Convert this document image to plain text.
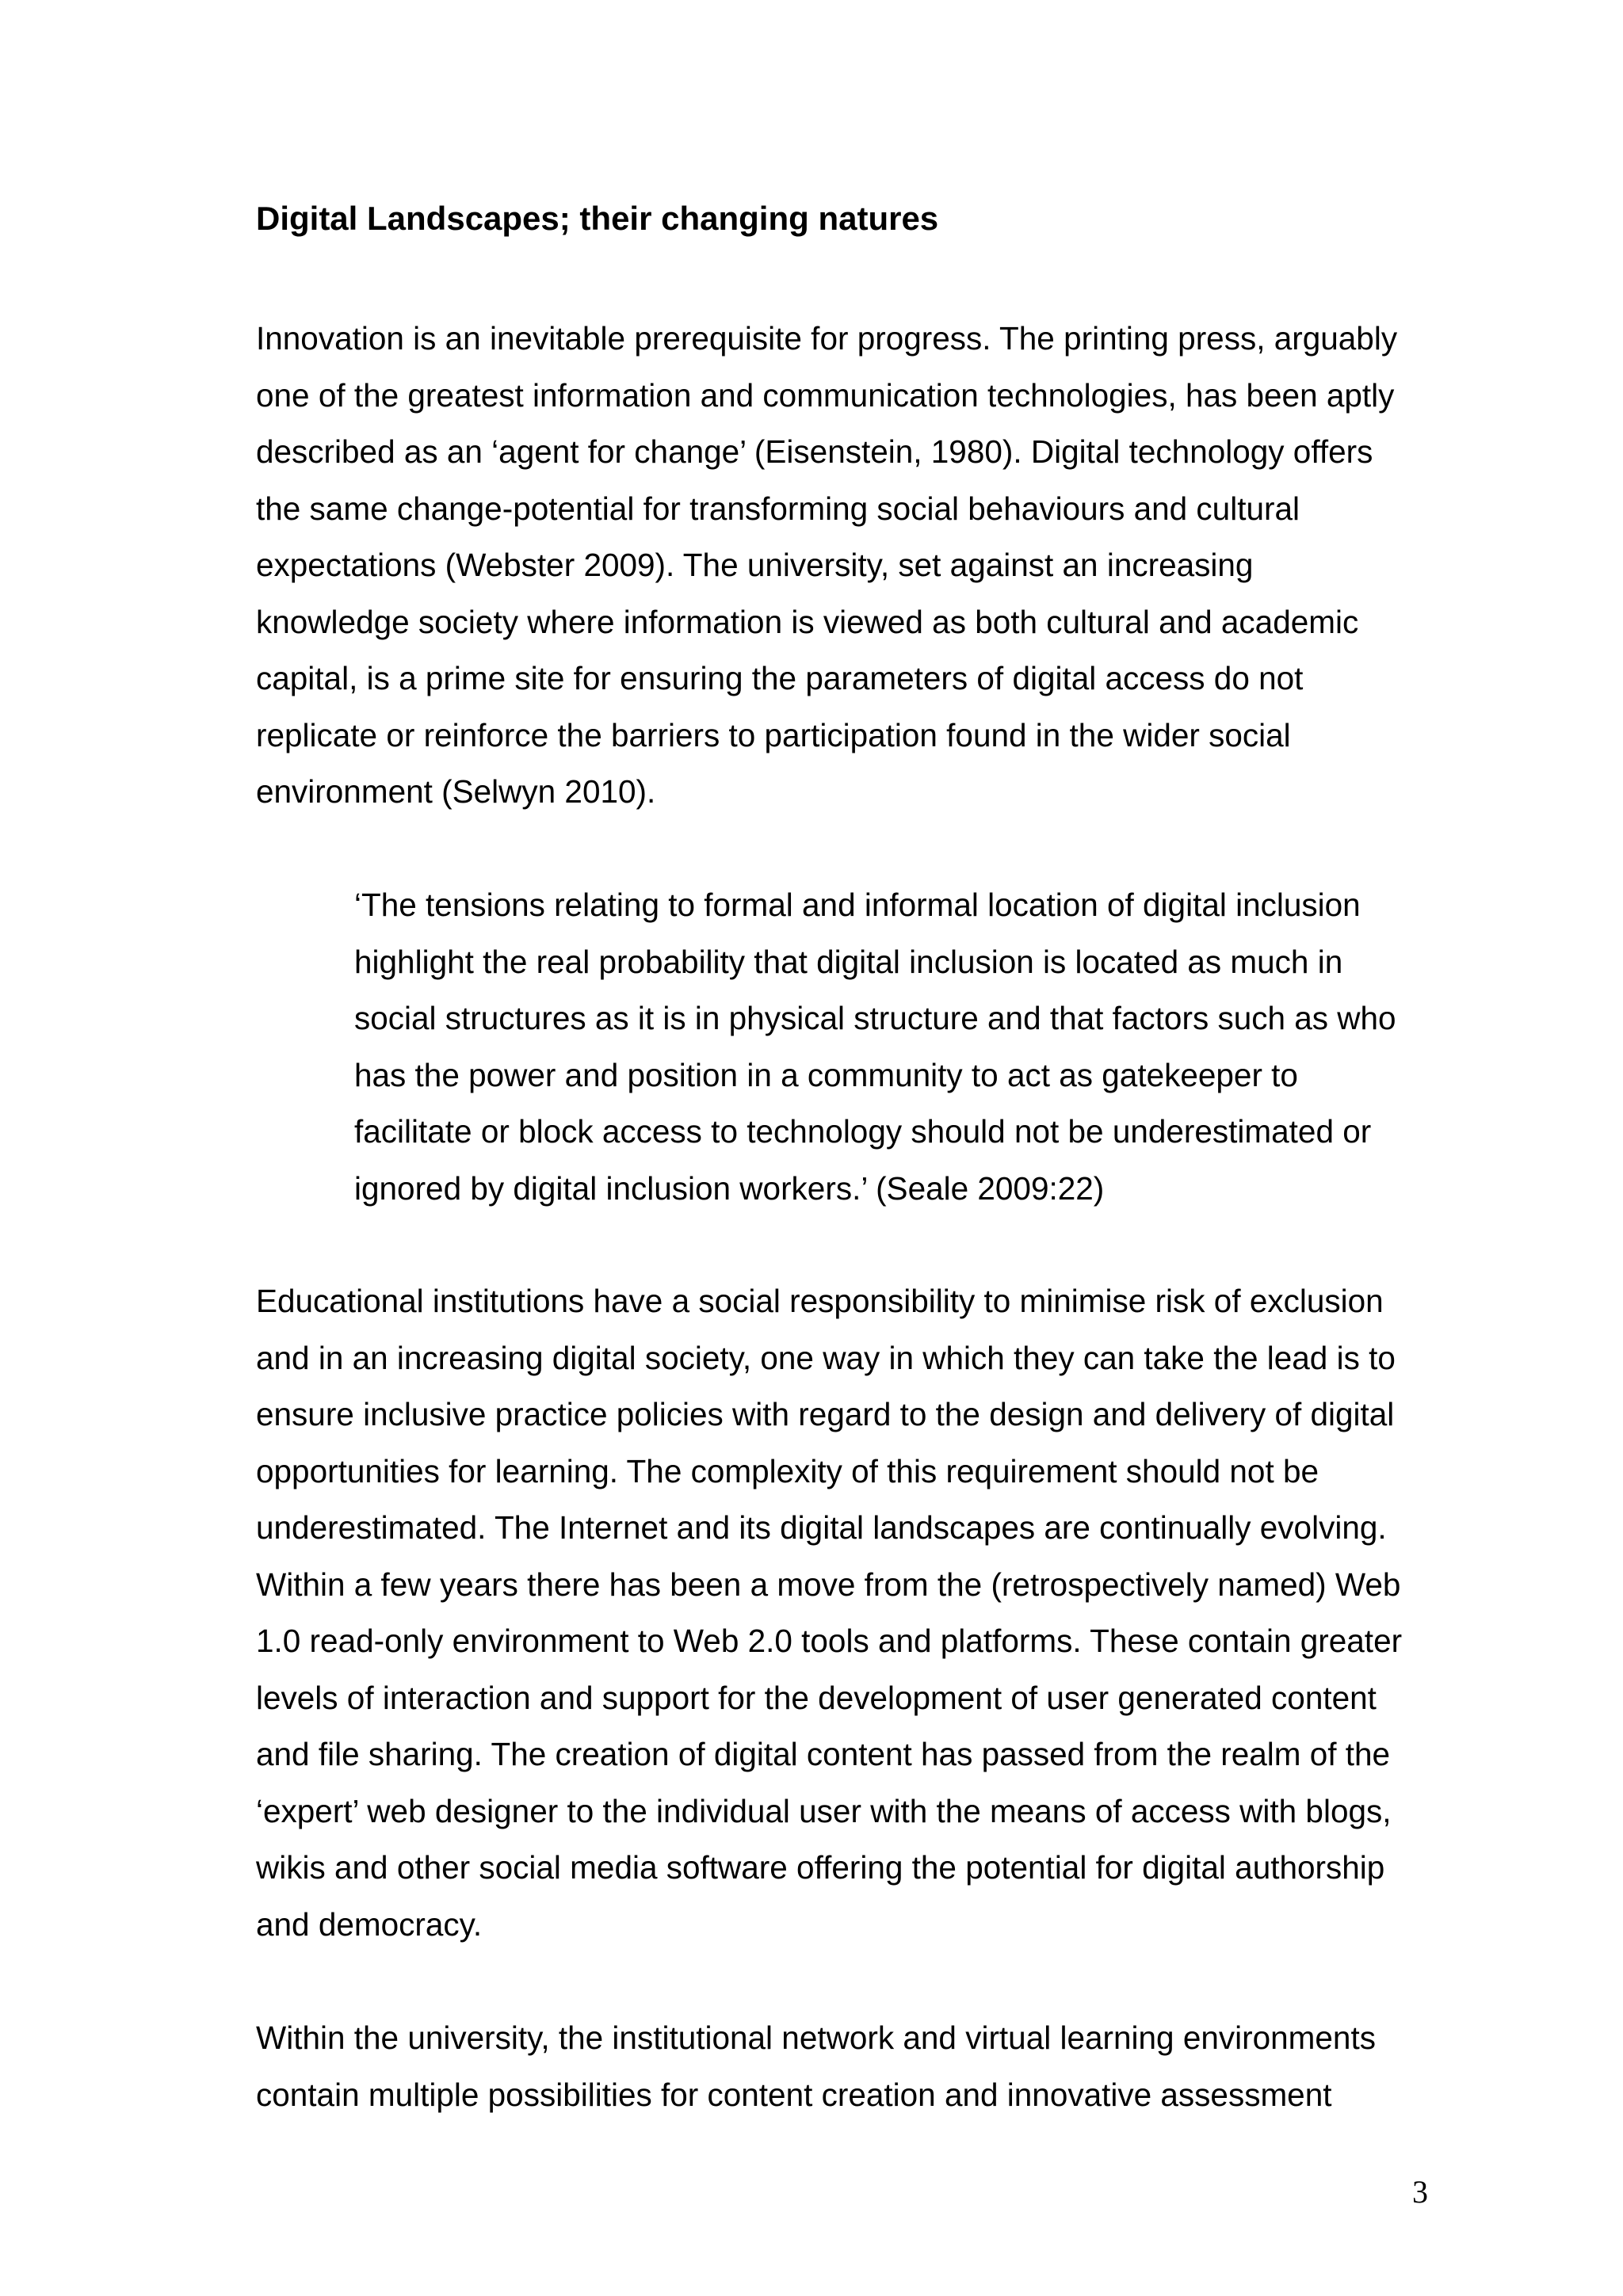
Digital Landscapes; their changing natures

Innovation is an inevitable prerequisite for progress. The printing press, arguably
one of the greatest information and communication technologies, has been aptly
described as an ‘agent for change’ (Eisenstein, 1980). Digital technology offers
the same change-potential for transforming social behaviours and cultural
expectations (Webster 2009). The university, set against an increasing
knowledge society where information is viewed as both cultural and academic
capital, is a prime site for ensuring the parameters of digital access do not
replicate or reinforce the barriers to participation found in the wider social
environment (Selwyn 2010).

‘The tensions relating to formal and informal location of digital inclusion
highlight the real probability that digital inclusion is located as much in
social structures as it is in physical structure and that factors such as who
has the power and position in a community to act as gatekeeper to
facilitate or block access to technology should not be underestimated or
ignored by digital inclusion workers.’ (Seale 2009:22)

Educational institutions have a social responsibility to minimise risk of exclusion
and in an increasing digital society, one way in which they can take the lead is to
ensure inclusive practice policies with regard to the design and delivery of digital
opportunities for learning. The complexity of this requirement should not be
underestimated. The Internet and its digital landscapes are continually evolving.
Within a few years there has been a move from the (retrospectively named) Web
1.0 read-only environment to Web 2.0 tools and platforms. These contain greater
levels of interaction and support for the development of user generated content
and file sharing. The creation of digital content has passed from the realm of the
‘expert’ web designer to the individual user with the means of access with blogs,
wikis and other social media software offering the potential for digital authorship
and democracy.

Within the university, the institutional network and virtual learning environments
contain multiple possibilities for content creation and innovative assessment

3
